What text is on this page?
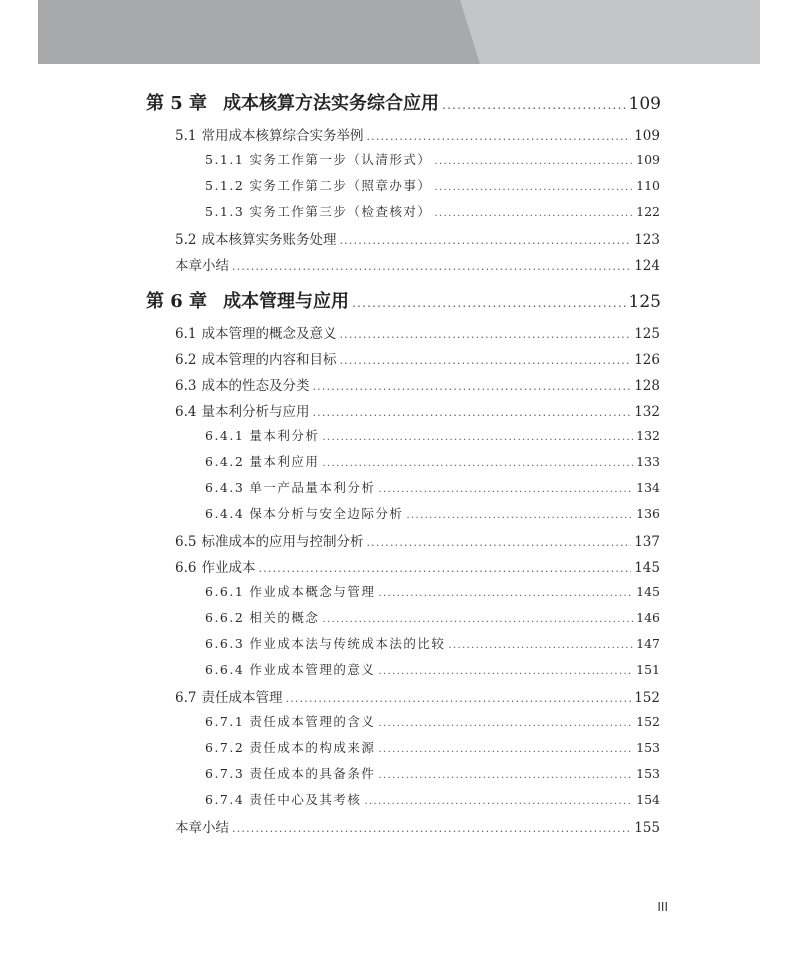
第 5 章 成本核算方法实务综合应用 .....	109
5.1 常用成本核算综合实务举例 .....	109
5.1.1 实务工作第一步（认清形式） .....	109
5.1.2 实务工作第二步（照章办事） .....	110
5.1.3 实务工作第三步（检查核对） .....	122
5.2 成本核算实务账务处理 .....	123
本章小结 .....	124
第 6 章 成本管理与应用 .....	125
6.1 成本管理的概念及意义 .....	125
6.2 成本管理的内容和目标 .....	126
6.3 成本的性态及分类 .....	128
6.4 量本利分析与应用 .....	132
6.4.1 量本利分析 .....	132
6.4.2 量本利应用 .....	133
6.4.3 单一产品量本利分析 .....	134
6.4.4 保本分析与安全边际分析 .....	136
6.5 标准成本的应用与控制分析 .....	137
6.6 作业成本 .....	145
6.6.1 作业成本概念与管理 .....	145
6.6.2 相关的概念 .....	146
6.6.3 作业成本法与传统成本法的比较 .....	147
6.6.4 作业成本管理的意义 .....	151
6.7 责任成本管理 .....	152
6.7.1 责任成本管理的含义 .....	152
6.7.2 责任成本的构成来源 .....	153
6.7.3 责任成本的具备条件 .....	153
6.7.4 责任中心及其考核 .....	154
本章小结 .....	155
III
